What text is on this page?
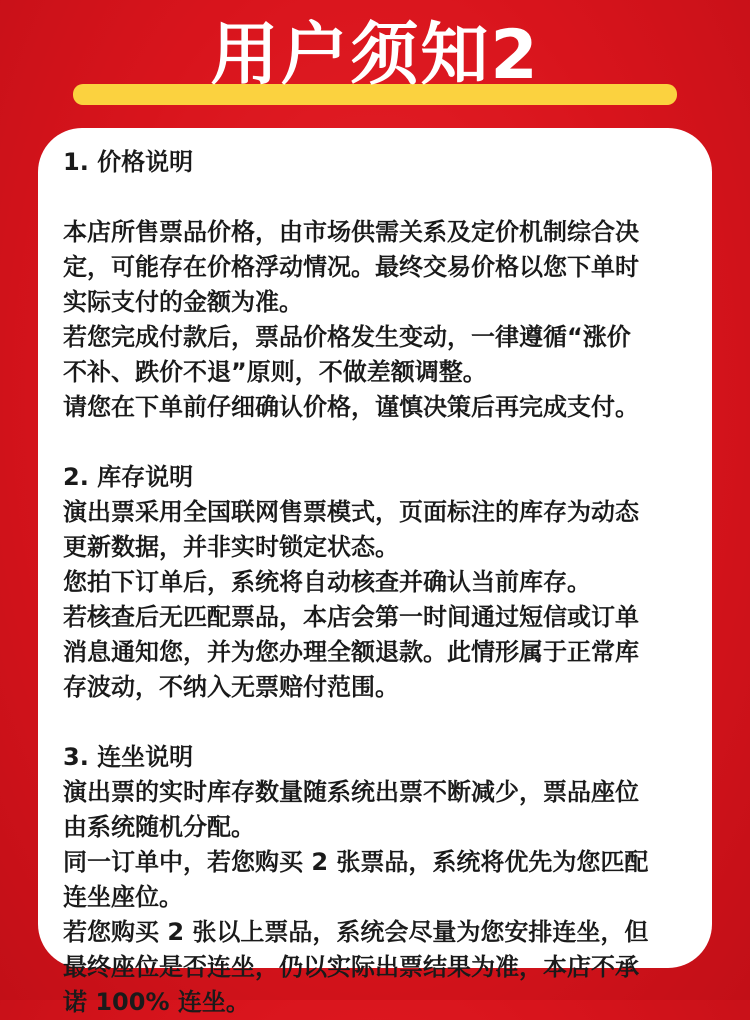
用户须知2
1. 价格说明
本店所售票品价格，由市场供需关系及定价机制综合决
定，可能存在价格浮动情况。最终交易价格以您下单时
实际支付的金额为准。
若您完成付款后，票品价格发生变动，一律遵循“涨价
不补、跌价不退”原则，不做差额调整。
请您在下单前仔细确认价格，谨慎决策后再完成支付。
2. 库存说明
演出票采用全国联网售票模式，页面标注的库存为动态
更新数据，并非实时锁定状态。
您拍下订单后，系统将自动核查并确认当前库存。
若核查后无匹配票品，本店会第一时间通过短信或订单
消息通知您，并为您办理全额退款。此情形属于正常库
存波动，不纳入无票赔付范围。
3. 连坐说明
演出票的实时库存数量随系统出票不断减少，票品座位
由系统随机分配。
同一订单中，若您购买 2 张票品，系统将优先为您匹配
连坐座位。
若您购买 2 张以上票品，系统会尽量为您安排连坐，但
最终座位是否连坐，仍以实际出票结果为准，本店不承
诺 100% 连坐。
